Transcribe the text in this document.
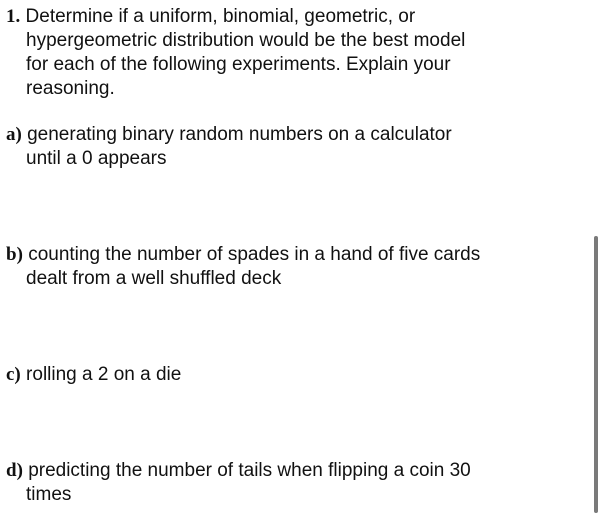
1. Determine if a uniform, binomial, geometric, or
hypergeometric distribution would be the best model
for each of the following experiments. Explain your
reasoning.
a) generating binary random numbers on a calculator
until a 0 appears
b) counting the number of spades in a hand of five cards
dealt from a well shuffled deck
c) rolling a 2 on a die
d) predicting the number of tails when flipping a coin 30
times
